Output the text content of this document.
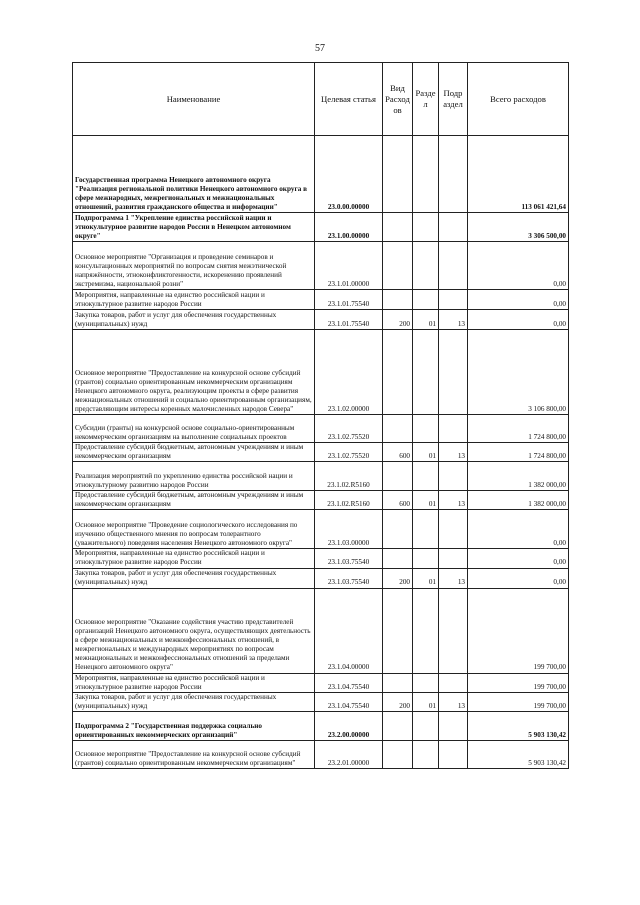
57
Наименование	Целевая статья	Вид Расход ов	Разде л	Подр аздел	Всего расходов
Государственная программа Ненецкого автономного округа "Реализация региональной политики Ненецкого автономного округа в сфере межнародных, межрегиональных и межнациональных отношений, развития гражданского общества и информации"	23.0.00.00000				113 061 421,64
Подпрограмма 1 "Укрепление единства российской нации и этнокультурное развитие народов России в Ненецком автономном округе"	23.1.00.00000				3 306 500,00
Основное мероприятие "Организация и проведение семинаров и консультационных мероприятий по вопросам снятия межэтнической напряжённости, этноконфликтогенности, искоренению проявлений экстремизма, национальной розни"	23.1.01.00000				0,00
Мероприятия, направленные на единство российской нации и этнокультурное развитие народов России	23.1.01.75540				0,00
Закупка товаров, работ и услуг для обеспечения государственных (муниципальных) нужд	23.1.01.75540	200	01	13	0,00
Основное мероприятие "Предоставление на конкурсной основе субсидий (грантов) социально ориентированным некоммерческим организациям Ненецкого автономного округа, реализующим проекты в сфере развития межнациональных отношений и социально ориентированным организациям, представляющим интересы коренных малочисленных народов Севера"	23.1.02.00000				3 106 800,00
Субсидии (гранты) на конкурсной основе социально-ориентированным некоммерческим организациям на выполнение социальных проектов	23.1.02.75520				1 724 800,00
Предоставление субсидий бюджетным, автономным учреждениям и иным некоммерческим организациям	23.1.02.75520	600	01	13	1 724 800,00
Реализация мероприятий по укреплению единства российской нации и этнокультурному развитию народов России	23.1.02.R5160				1 382 000,00
Предоставление субсидий бюджетным, автономным учреждениям и иным некоммерческим организациям	23.1.02.R5160	600	01	13	1 382 000,00
Основное мероприятие "Проведение социологического исследования по изучению общественного мнения по вопросам толерантного (уважительного) поведения населения Ненецкого автономного округа"	23.1.03.00000				0,00
Мероприятия, направленные на единство российской нации и этнокультурное развитие народов России	23.1.03.75540				0,00
Закупка товаров, работ и услуг для обеспечения государственных (муниципальных) нужд	23.1.03.75540	200	01	13	0,00
Основное мероприятие "Оказание содействия участию представителей организаций Ненецкого автономного округа, осуществляющих деятельность в сфере межнациональных и межконфессиональных отношений, в межрегиональных и международных мероприятиях по вопросам межнациональных и межконфессиональных отношений за пределами Ненецкого автономного округа"	23.1.04.00000				199 700,00
Мероприятия, направленные на единство российской нации и этнокультурное развитие народов России	23.1.04.75540				199 700,00
Закупка товаров, работ и услуг для обеспечения государственных (муниципальных) нужд	23.1.04.75540	200	01	13	199 700,00
Подпрограмма 2 "Государственная поддержка социально ориентированных некоммерческих организаций"	23.2.00.00000				5 903 130,42
Основное мероприятие "Предоставление на конкурсной основе субсидий (грантов) социально ориентированным некоммерческим организациям"	23.2.01.00000				5 903 130,42
